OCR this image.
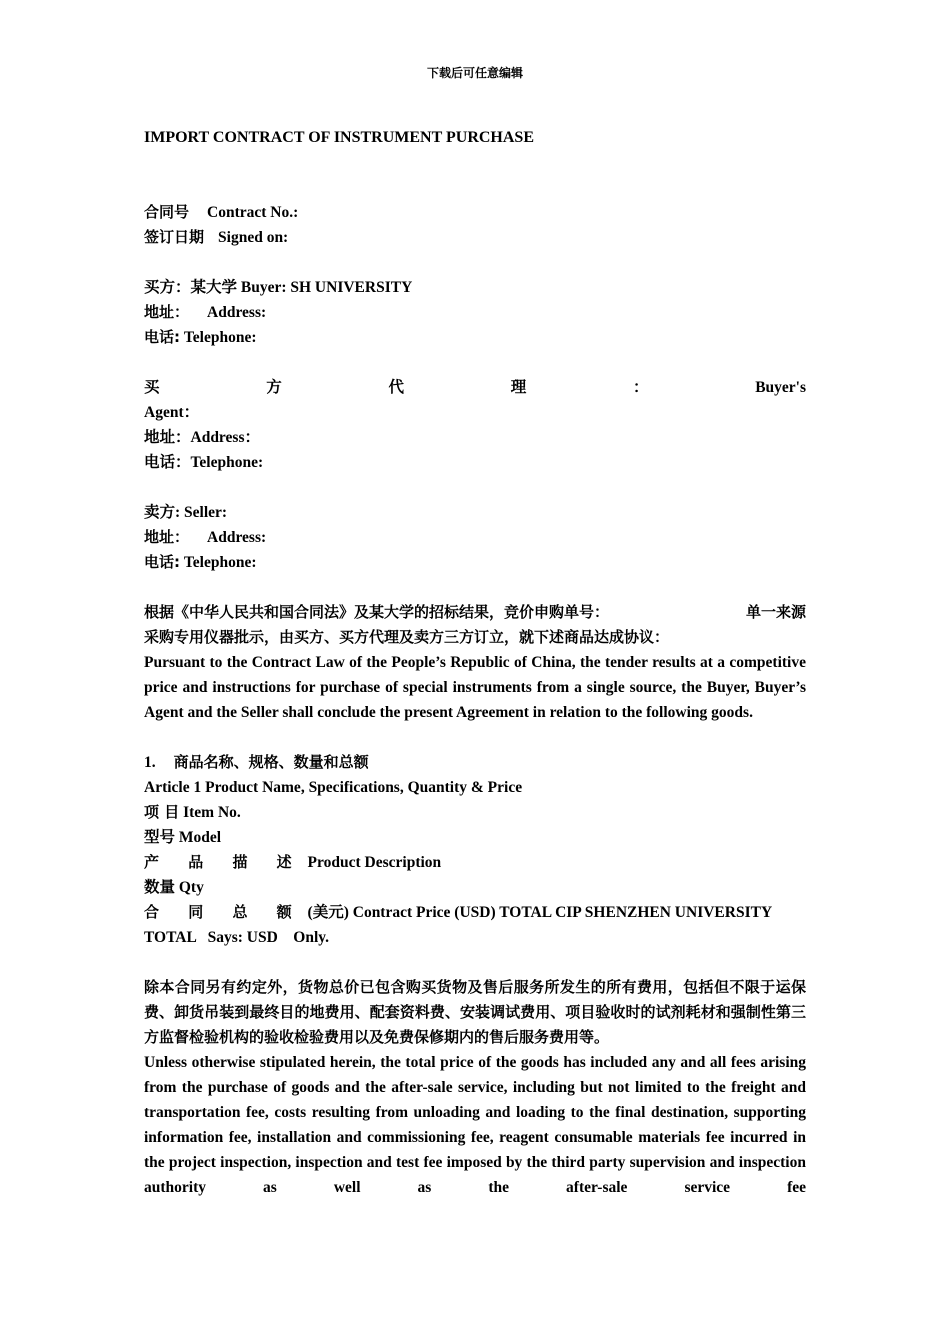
下载后可任意编辑

IMPORT CONTRACT OF INSTRUMENT PURCHASE

合同号 Contract No.:

签订日期 Signed on:

买方：某大学 Buyer: SH UNIVERSITY

地址： Address:

电话: Telephone:

买 方 代 理 ： Buyer's

Agent：

地址：Address：

电话：Telephone:

卖方: Seller:

地址： Address:

电话: Telephone:

根据《中华人民共和国合同法》及某大学的招标结果，竞价申购单号：	单一来源

采购专用仪器批示，由买方、买方代理及卖方三方订立，就下述商品达成协议：

Pursuant to the Contract Law of the People’s Republic of China, the tender results at a competitive price and instructions for purchase of special instruments from a single source, the Buyer, Buyer’s Agent and the Seller shall conclude the present Agreement in relation to the following goods.

1. 商品名称、规格、数量和总额

Article 1 Product Name, Specifications, Quantity & Price

项 目 Item No.

型号 Model

产 品 描 述 Product Description

数量 Qty

合 同 总 额 (美元) Contract Price (USD) TOTAL CIP SHENZHEN UNIVERSITY

TOTAL   Says: USD    Only.

除本合同另有约定外，货物总价已包含购买货物及售后服务所发生的所有费用，包括但不限于运保费、卸货吊装到最终目的地费用、配套资料费、安装调试费用、项目验收时的试剂耗材和强制性第三方监督检验机构的验收检验费用以及免费保修期内的售后服务费用等。

Unless otherwise stipulated herein, the total price of the goods has included any and all fees arising from the purchase of goods and the after-sale service, including but not limited to the freight and transportation fee, costs resulting from unloading and loading to the final destination, supporting information fee, installation and commissioning fee, reagent consumable materials fee incurred in the project inspection, inspection and test fee imposed by the third party supervision and inspection authority as well as the after-sale service fee
